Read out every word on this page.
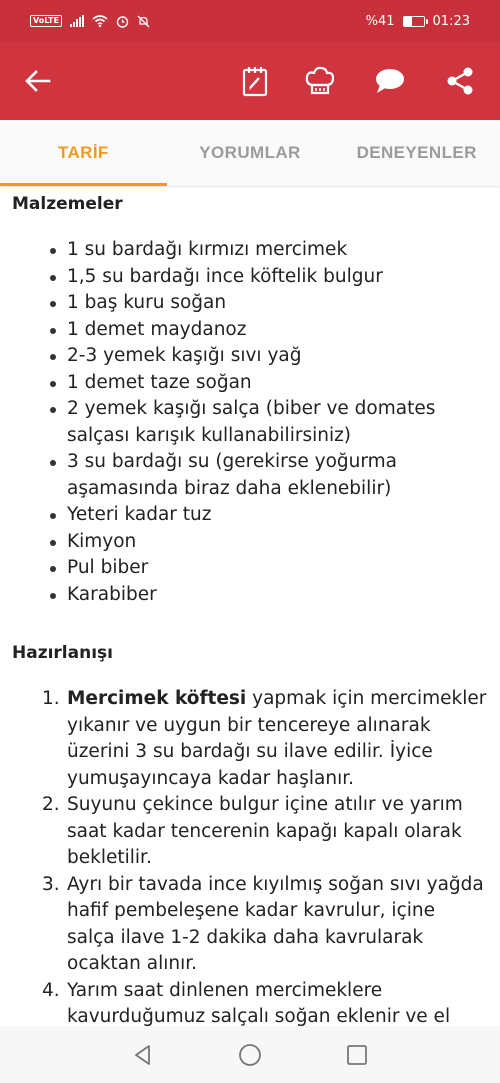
VoLTE	%41	01:23
TARİF	YORUMLAR	DENEYENLER
Malzemeler
1 su bardağı kırmızı mercimek
1,5 su bardağı ince köftelik bulgur
1 baş kuru soğan
1 demet maydanoz
2-3 yemek kaşığı sıvı yağ
1 demet taze soğan
2 yemek kaşığı salça (biber ve domates salçası karışık kullanabilirsiniz)
3 su bardağı su (gerekirse yoğurma aşamasında biraz daha eklenebilir)
Yeteri kadar tuz
Kimyon
Pul biber
Karabiber
Hazırlanışı
1. Mercimek köftesi yapmak için mercimekler yıkanır ve uygun bir tencereye alınarak üzerini 3 su bardağı su ilave edilir. İyice yumuşayıncaya kadar haşlanır.
2. Suyunu çekince bulgur içine atılır ve yarım saat kadar tencerenin kapağı kapalı olarak bekletilir.
3. Ayrı bir tavada ince kıyılmış soğan sıvı yağda hafif pembeleşene kadar kavrulur, içine salça ilave 1-2 dakika daha kavrularak ocaktan alınır.
4. Yarım saat dinlenen mercimeklere kavurduğumuz salçalı soğan eklenir ve el
